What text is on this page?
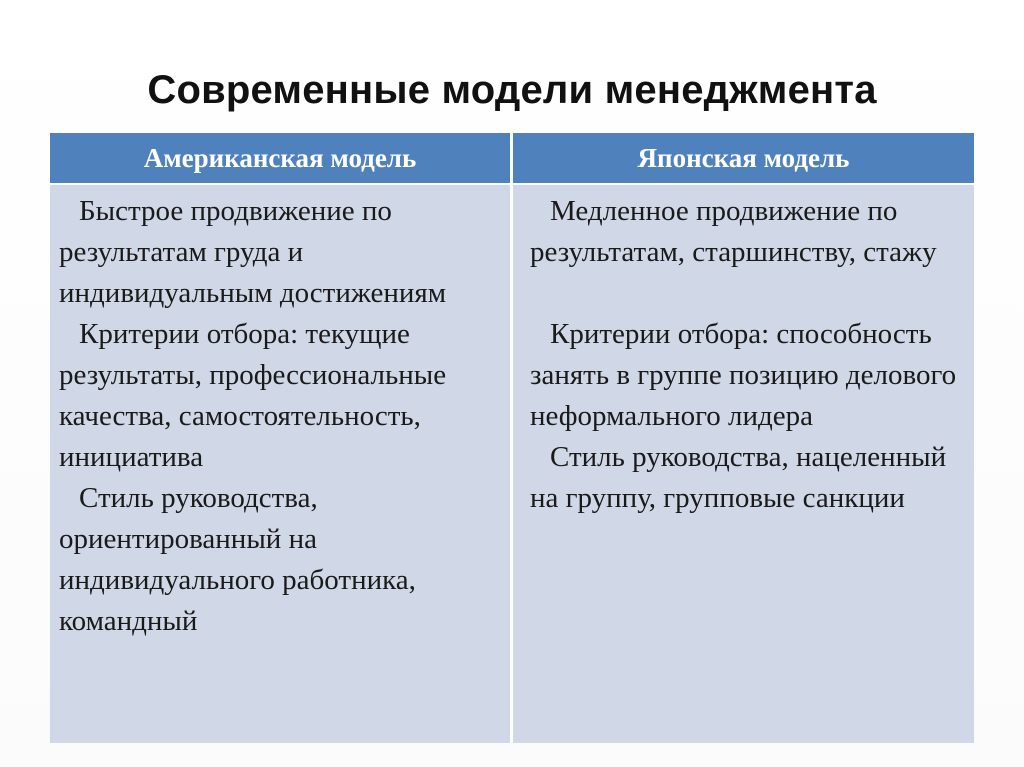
Современные модели менеджмента
Американская модель	Японская модель

Быстрое продвижение по результатам груда и индивидуальным достижениям

Критерии отбора: текущие результаты, профессиональные качества, самостоятельность, инициатива

Стиль руководства, ориентированный на индивидуального работника, командный

Медленное продвижение по результатам, старшинству, стажу

Критерии отбора: способность занять в группе позицию делового неформального лидера

Стиль руководства, нацеленный на группу, групповые санкции
